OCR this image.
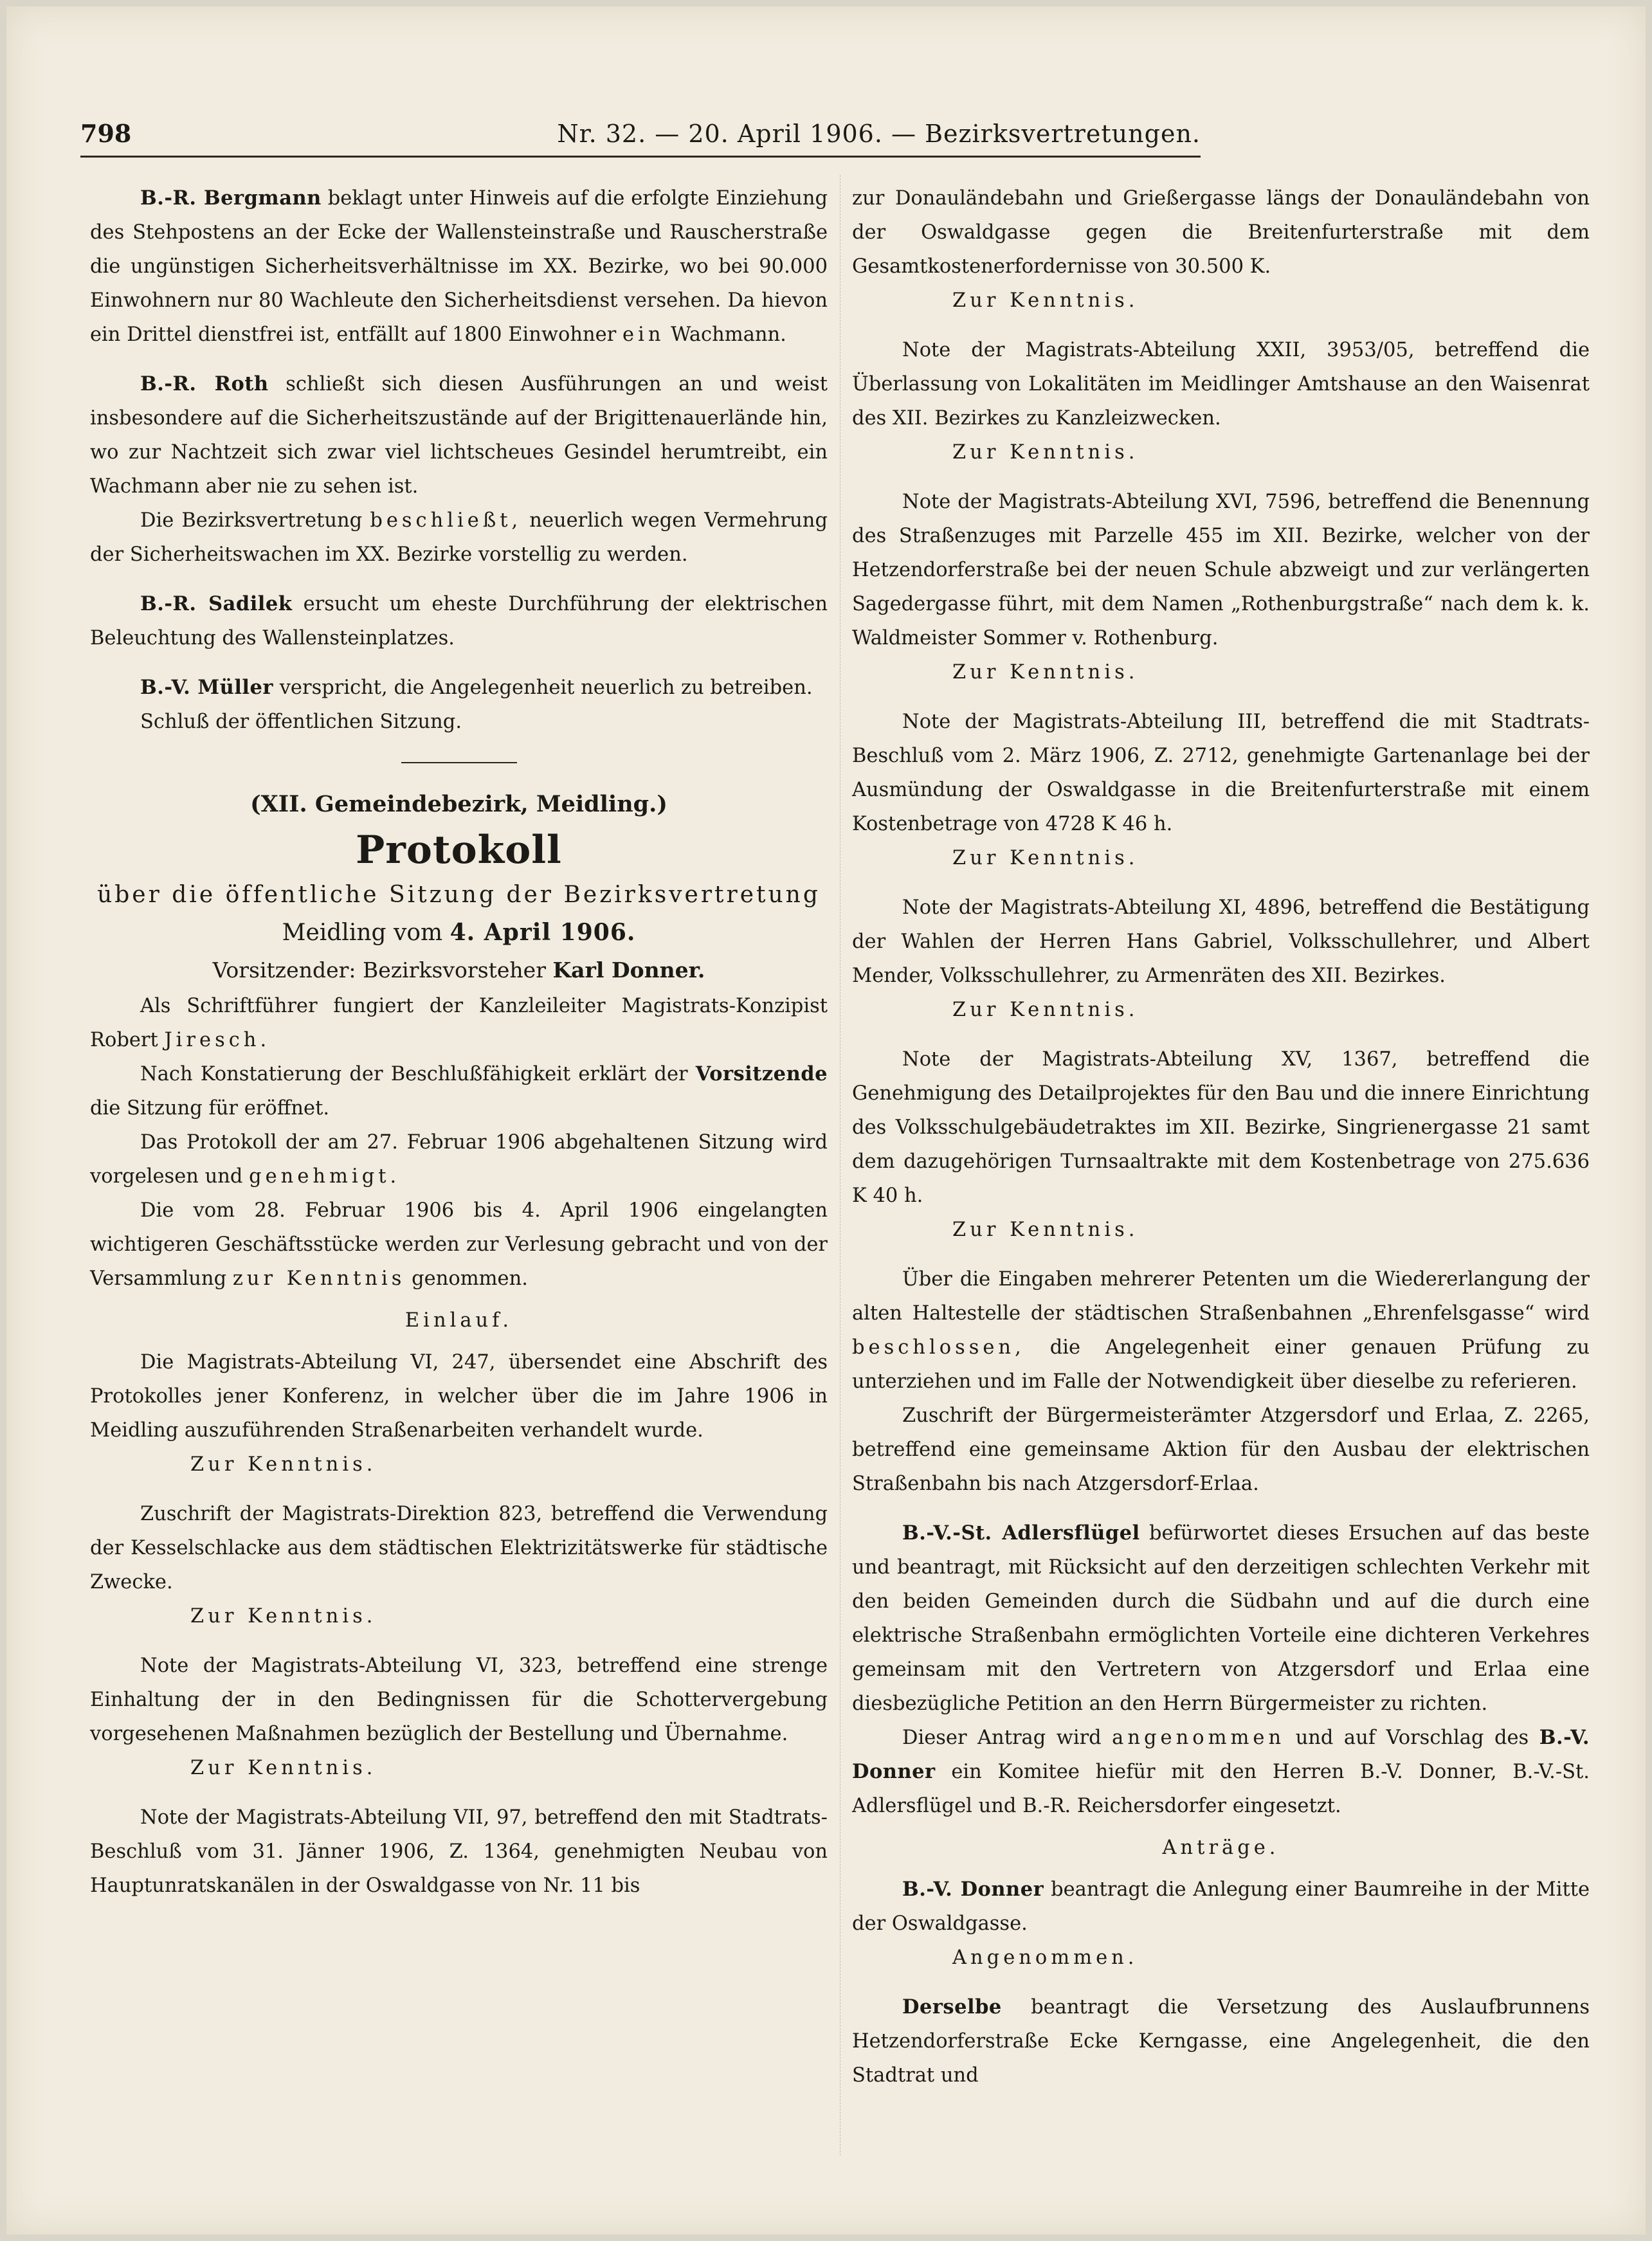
798	Nr. 32. — 20. April 1906. — Bezirksvertretungen.

B.-R. Bergmann beklagt unter Hinweis auf die erfolgte Einziehung des Stehpostens an der Ecke der Wallensteinstraße und Rauscherstraße die ungünstigen Sicherheitsverhältnisse im XX. Bezirke, wo bei 90.000 Einwohnern nur 80 Wachleute den Sicherheitsdienst versehen. Da hievon ein Drittel dienstfrei ist, entfällt auf 1800 Einwohner ein Wachmann.

B.-R. Roth schließt sich diesen Ausführungen an und weist insbesondere auf die Sicherheitszustände auf der Brigittenauerlände hin, wo zur Nachtzeit sich zwar viel lichtscheues Gesindel herumtreibt, ein Wachmann aber nie zu sehen ist.

Die Bezirksvertretung beschließt, neuerlich wegen Vermehrung der Sicherheitswachen im XX. Bezirke vorstellig zu werden.

B.-R. Sadilek ersucht um eheste Durchführung der elektrischen Beleuchtung des Wallensteinplatzes.

B.-V. Müller verspricht, die Angelegenheit neuerlich zu betreiben.

Schluß der öffentlichen Sitzung.

(XII. Gemeindebezirk, Meidling.)
Protokoll
über die öffentliche Sitzung der Bezirksvertretung
Meidling vom 4. April 1906.
Vorsitzender: Bezirksvorsteher Karl Donner.

Als Schriftführer fungiert der Kanzleileiter Magistrats-Konzipist Robert Jiresch.

Nach Konstatierung der Beschlußfähigkeit erklärt der Vorsitzende die Sitzung für eröffnet.

Das Protokoll der am 27. Februar 1906 abgehaltenen Sitzung wird vorgelesen und genehmigt.

Die vom 28. Februar 1906 bis 4. April 1906 eingelangten wichtigeren Geschäftsstücke werden zur Verlesung gebracht und von der Versammlung zur Kenntnis genommen.

Einlauf.

Die Magistrats-Abteilung VI, 247, übersendet eine Abschrift des Protokolles jener Konferenz, in welcher über die im Jahre 1906 in Meidling auszuführenden Straßenarbeiten verhandelt wurde.

Zur Kenntnis.

Zuschrift der Magistrats-Direktion 823, betreffend die Verwendung der Kesselschlacke aus dem städtischen Elektrizitätswerke für städtische Zwecke.

Zur Kenntnis.

Note der Magistrats-Abteilung VI, 323, betreffend eine strenge Einhaltung der in den Bedingnissen für die Schottervergebung vorgesehenen Maßnahmen bezüglich der Bestellung und Übernahme.

Zur Kenntnis.

Note der Magistrats-Abteilung VII, 97, betreffend den mit Stadtrats-Beschluß vom 31. Jänner 1906, Z. 1364, genehmigten Neubau von Hauptunratskanälen in der Oswaldgasse von Nr. 11 bis

zur Donauländebahn und Grießergasse längs der Donauländebahn von der Oswaldgasse gegen die Breitenfurterstraße mit dem Gesamtkostenerfordernisse von 30.500 K.

Zur Kenntnis.

Note der Magistrats-Abteilung XXII, 3953/05, betreffend die Überlassung von Lokalitäten im Meidlinger Amtshause an den Waisenrat des XII. Bezirkes zu Kanzleizwecken.

Zur Kenntnis.

Note der Magistrats-Abteilung XVI, 7596, betreffend die Benennung des Straßenzuges mit Parzelle 455 im XII. Bezirke, welcher von der Hetzendorferstraße bei der neuen Schule abzweigt und zur verlängerten Sagedergasse führt, mit dem Namen „Rothenburgstraße“ nach dem k. k. Waldmeister Sommer v. Rothenburg.

Zur Kenntnis.

Note der Magistrats-Abteilung III, betreffend die mit Stadtrats-Beschluß vom 2. März 1906, Z. 2712, genehmigte Gartenanlage bei der Ausmündung der Oswaldgasse in die Breitenfurterstraße mit einem Kostenbetrage von 4728 K 46 h.

Zur Kenntnis.

Note der Magistrats-Abteilung XI, 4896, betreffend die Bestätigung der Wahlen der Herren Hans Gabriel, Volksschullehrer, und Albert Mender, Volksschullehrer, zu Armenräten des XII. Bezirkes.

Zur Kenntnis.

Note der Magistrats-Abteilung XV, 1367, betreffend die Genehmigung des Detailprojektes für den Bau und die innere Einrichtung des Volksschulgebäudetraktes im XII. Bezirke, Singrienergasse 21 samt dem dazugehörigen Turnsaaltrakte mit dem Kostenbetrage von 275.636 K 40 h.

Zur Kenntnis.

Über die Eingaben mehrerer Petenten um die Wiedererlangung der alten Haltestelle der städtischen Straßenbahnen „Ehrenfelsgasse“ wird beschlossen, die Angelegenheit einer genauen Prüfung zu unterziehen und im Falle der Notwendigkeit über dieselbe zu referieren.

Zuschrift der Bürgermeisterämter Atzgersdorf und Erlaa, Z. 2265, betreffend eine gemeinsame Aktion für den Ausbau der elektrischen Straßenbahn bis nach Atzgersdorf-Erlaa.

B.-V.-St. Adlersflügel befürwortet dieses Ersuchen auf das beste und beantragt, mit Rücksicht auf den derzeitigen schlechten Verkehr mit den beiden Gemeinden durch die Südbahn und auf die durch eine elektrische Straßenbahn ermöglichten Vorteile eine dichteren Verkehres gemeinsam mit den Vertretern von Atzgersdorf und Erlaa eine diesbezügliche Petition an den Herrn Bürgermeister zu richten.

Dieser Antrag wird angenommen und auf Vorschlag des B.-V. Donner ein Komitee hiefür mit den Herren B.-V. Donner, B.-V.-St. Adlersflügel und B.-R. Reichersdorfer eingesetzt.

Anträge.

B.-V. Donner beantragt die Anlegung einer Baumreihe in der Mitte der Oswaldgasse.

Angenommen.

Derselbe beantragt die Versetzung des Auslaufbrunnens Hetzendorferstraße Ecke Kerngasse, eine Angelegenheit, die den Stadtrat und
